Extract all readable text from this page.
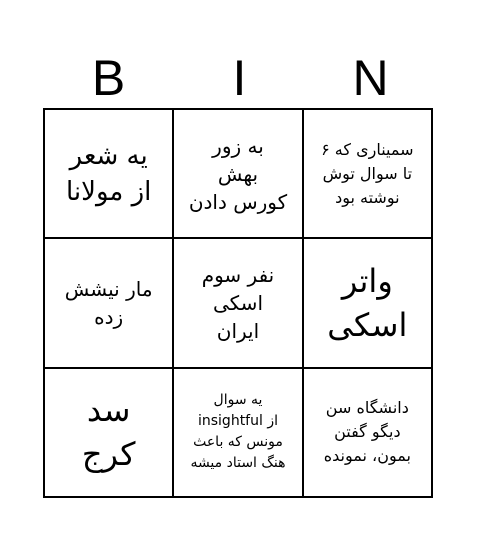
B	I	N
یه شعر
از مولانا
به زور
بهش
کورس دادن
سمیناری که ۶
تا سوال توش
نوشته بود
مار نیشش
زده
نفر سوم
اسکی
ایران
واتر
اسکی
سد
کرج
یه سوال
از insightful
مونس که باعث
هنگ استاد میشه
دانشگاه سن
دیگو گفتن
بمون، نمونده
